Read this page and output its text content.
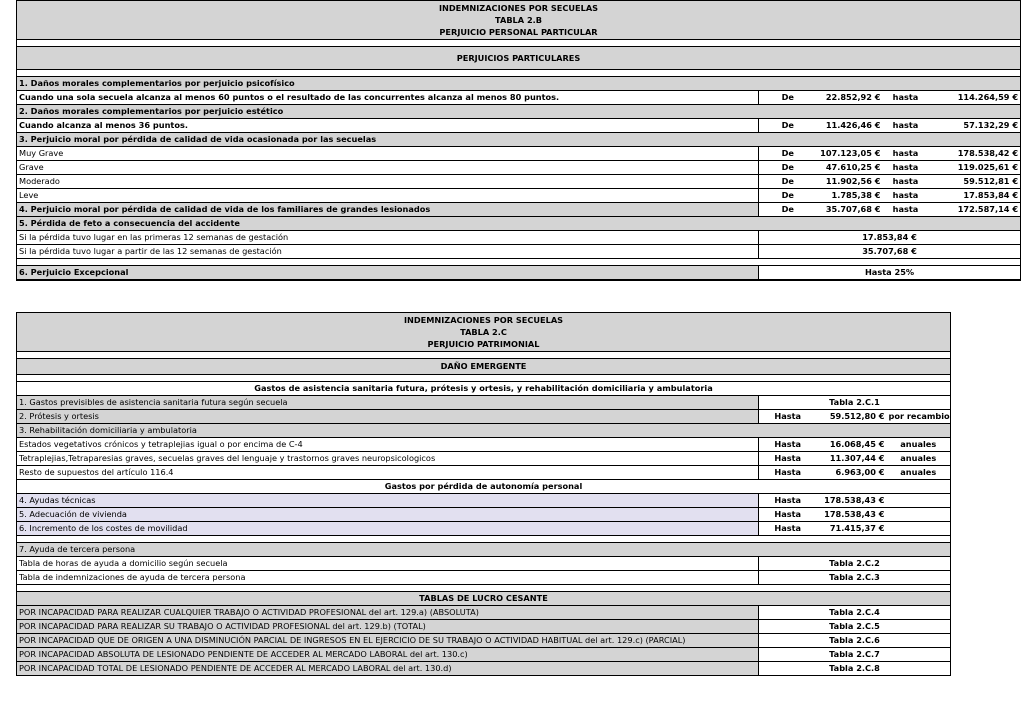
INDEMNIZACIONES POR SECUELAS
TABLA 2.B
PERJUICIO PERSONAL PARTICULAR				

PERJUICIOS PARTICULARES				

1. Daños morales complementarios por perjuicio psicofísico				
Cuando una sola secuela alcanza al menos 60 puntos o el resultado de las concurrentes alcanza al menos 80 puntos.	De	22.852,92 €	hasta	114.264,59 €
2. Daños morales complementarios por perjuicio estético				
Cuando alcanza al menos 36 puntos.	De	11.426,46 €	hasta	57.132,29 €
3. Perjuicio moral por pérdida de calidad de vida ocasionada por las secuelas				
Muy Grave	De	107.123,05 €	hasta	178.538,42 €
Grave	De	47.610,25 €	hasta	119.025,61 €
Moderado	De	11.902,56 €	hasta	59.512,81 €
Leve	De	1.785,38 €	hasta	17.853,84 €
4. Perjuicio moral por pérdida de calidad de vida de los familiares de grandes lesionados	De	35.707,68 €	hasta	172.587,14 €
5. Pérdida de feto a consecuencia del accidente				
Si la pérdida tuvo lugar en las primeras 12 semanas de gestación	17.853,84 €			
Si la pérdida tuvo lugar a partir de las 12 semanas de gestación	35.707,68 €			

6. Perjuicio Excepcional	Hasta 25%			
INDEMNIZACIONES POR SECUELAS
TABLA 2.C
PERJUICIO PATRIMONIAL			

DAÑO EMERGENTE			

Gastos de asistencia sanitaria futura, prótesis y ortesis, y rehabilitación domiciliaria y ambulatoria			
1. Gastos previsibles de asistencia sanitaria futura según secuela	Tabla 2.C.1		
2. Prótesis y ortesis	Hasta	59.512,80 €	por recambio
3. Rehabilitación domiciliaria y ambulatoria			
Estados vegetativos crónicos y tetraplejias igual o por encima de C-4	Hasta	16.068,45 €	anuales
Tetraplejias,Tetraparesias graves, secuelas graves del lenguaje y trastornos graves neuropsicologicos	Hasta	11.307,44 €	anuales
Resto de supuestos del artículo 116.4	Hasta	6.963,00 €	anuales
Gastos por pérdida de autonomía personal			
4. Ayudas técnicas	Hasta	178.538,43 €	
5. Adecuación de vivienda	Hasta	178.538,43 €	
6. Incremento de los costes de movilidad	Hasta	71.415,37 €	

7. Ayuda de tercera persona			
Tabla de horas de ayuda a domicilio según secuela	Tabla 2.C.2		
Tabla de indemnizaciones de ayuda de tercera persona	Tabla 2.C.3		

TABLAS DE LUCRO CESANTE			
POR INCAPACIDAD PARA REALIZAR CUALQUIER TRABAJO O ACTIVIDAD PROFESIONAL del art. 129.a) (ABSOLUTA)	Tabla 2.C.4		
POR INCAPACIDAD PARA REALIZAR SU TRABAJO O ACTIVIDAD PROFESIONAL del art. 129.b) (TOTAL)	Tabla 2.C.5		
POR INCAPACIDAD QUE DE ORIGEN A UNA DISMINUCIÓN PARCIAL DE INGRESOS EN EL EJERCICIO DE SU TRABAJO O ACTIVIDAD HABITUAL del art. 129.c) (PARCIAL)	Tabla 2.C.6		
POR INCAPACIDAD ABSOLUTA DE LESIONADO PENDIENTE DE ACCEDER AL MERCADO LABORAL del art. 130.c)	Tabla 2.C.7		
POR INCAPACIDAD TOTAL DE LESIONADO PENDIENTE DE ACCEDER AL MERCADO LABORAL del art. 130.d)	Tabla 2.C.8		
